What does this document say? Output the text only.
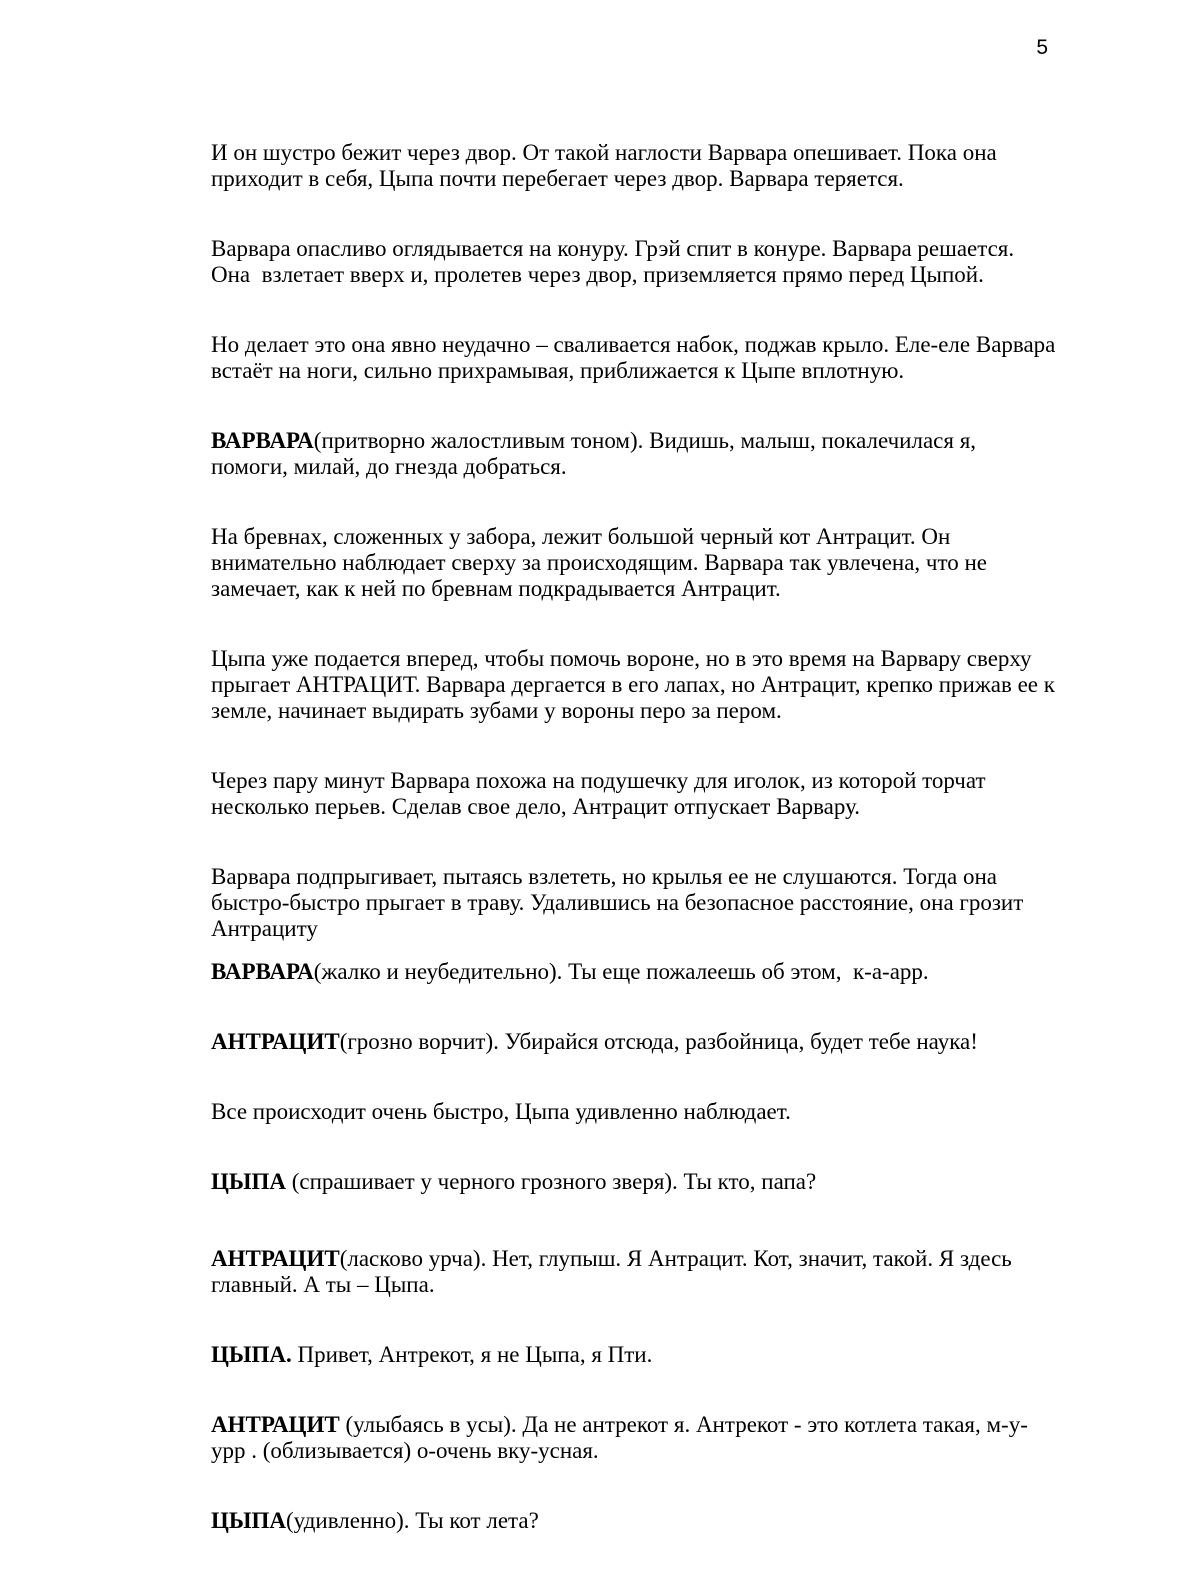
5

И он шустро бежит через двор. От такой наглости Варвара опешивает. Пока она приходит в себя, Цыпа почти перебегает через двор. Варвара теряется.

Варвара опасливо оглядывается на конуру. Грэй спит в конуре. Варвара решается. Она  взлетает вверх и, пролетев через двор, приземляется прямо перед Цыпой.

Но делает это она явно неудачно – сваливается набок, поджав крыло. Еле-еле Варвара встаёт на ноги, сильно прихрамывая, приближается к Цыпе вплотную.

ВАРВАРА(притворно жалостливым тоном). Видишь, малыш, покалечилася я, помоги, милай, до гнезда добраться.

На бревнах, сложенных у забора, лежит большой черный кот Антрацит. Он внимательно наблюдает сверху за происходящим. Варвара так увлечена, что не замечает, как к ней по бревнам подкрадывается Антрацит.

Цыпа уже подается вперед, чтобы помочь вороне, но в это время на Варвару сверху прыгает АНТРАЦИТ. Варвара дергается в его лапах, но Антрацит, крепко прижав ее к земле, начинает выдирать зубами у вороны перо за пером.

Через пару минут Варвара похожа на подушечку для иголок, из которой торчат несколько перьев. Сделав свое дело, Антрацит отпускает Варвару.

Варвара подпрыгивает, пытаясь взлететь, но крылья ее не слушаются. Тогда она быстро-быстро прыгает в траву. Удалившись на безопасное расстояние, она грозит Антрациту

ВАРВАРА(жалко и неубедительно). Ты еще пожалеешь об этом,  к-а-арр.

АНТРАЦИТ(грозно ворчит). Убирайся отсюда, разбойница, будет тебе наука!

Все происходит очень быстро, Цыпа удивленно наблюдает.

ЦЫПА (спрашивает у черного грозного зверя). Ты кто, папа?

АНТРАЦИТ(ласково урча). Нет, глупыш. Я Антрацит. Кот, значит, такой. Я здесь главный. А ты – Цыпа.

ЦЫПА. Привет, Антрекот, я не Цыпа, я Пти.

АНТРАЦИТ (улыбаясь в усы). Да не антрекот я. Антрекот - это котлета такая, м-у-урр . (облизывается) о-очень вку-усная.

ЦЫПА(удивленно). Ты кот лета?
